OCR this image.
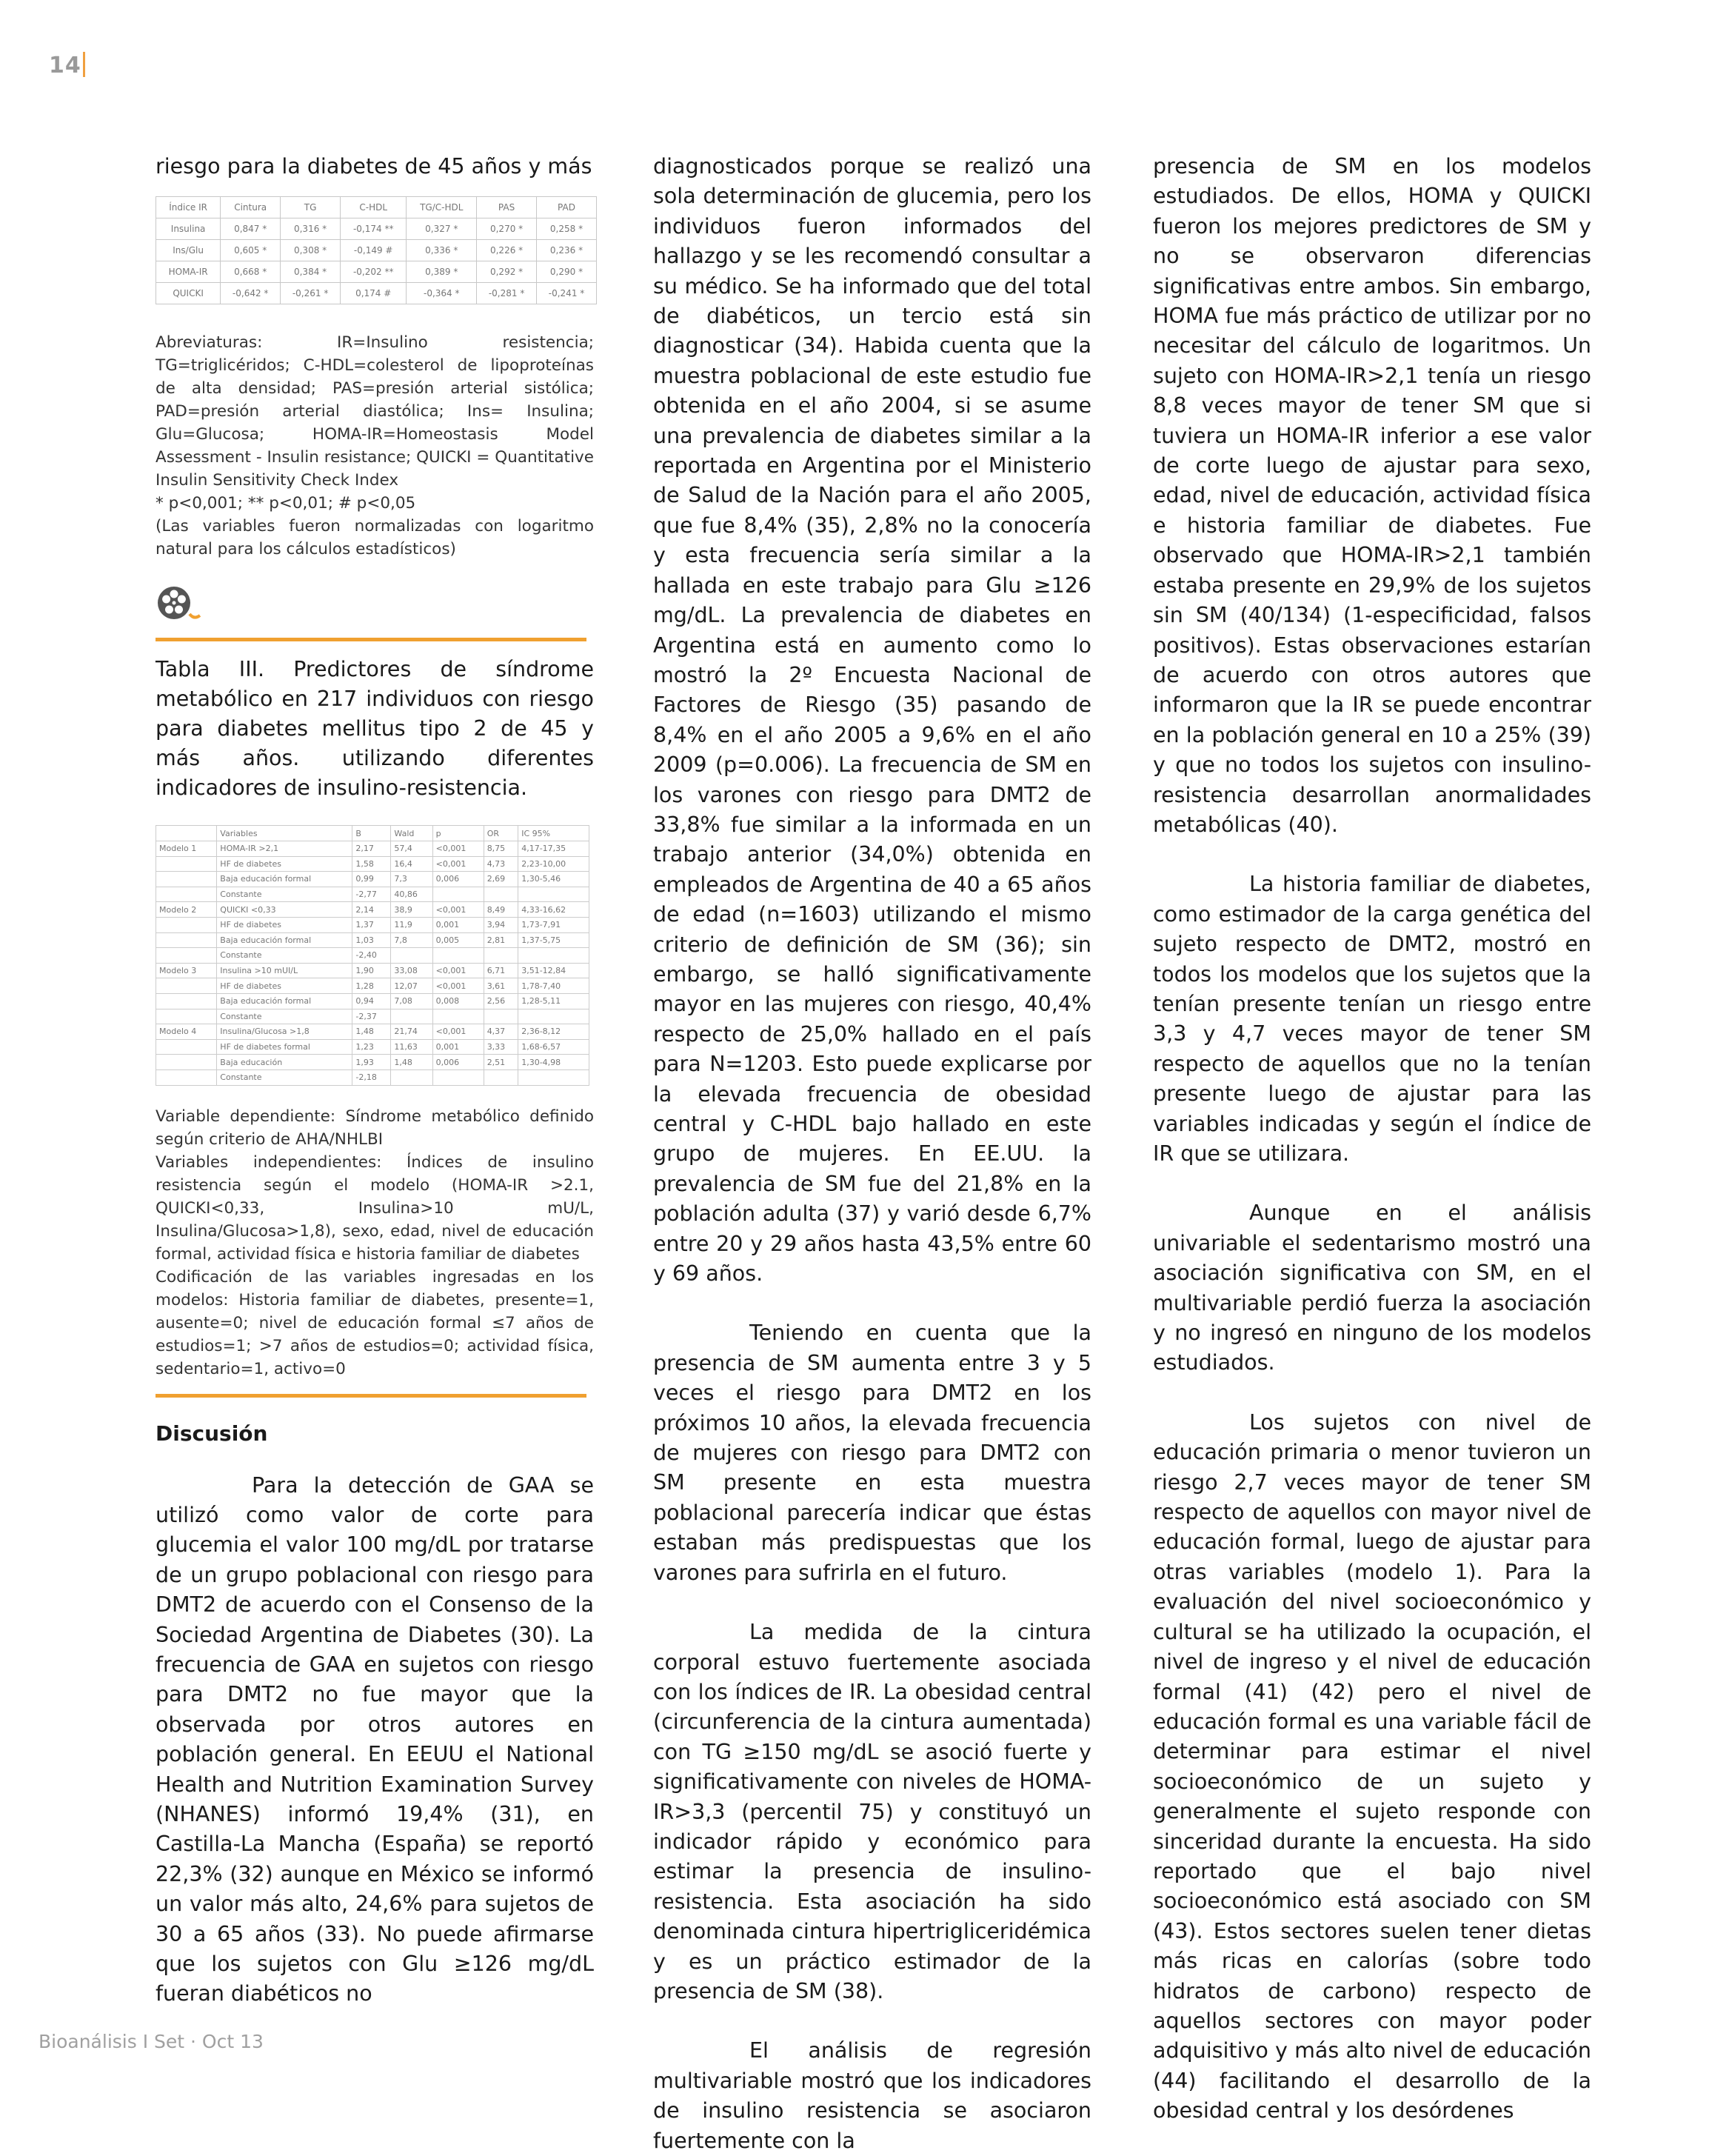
14

riesgo para la diabetes de 45 años y más

Índice IR	Cintura	TG	C-HDL	TG/C-HDL	PAS	PAD
Insulina	0,847 *	0,316 *	-0,174 **	0,327 *	0,270 *	0,258 *
Ins/Glu	0,605 *	0,308 *	-0,149 #	0,336 *	0,226 *	0,236 *
HOMA-IR	0,668 *	0,384 *	-0,202 **	0,389 *	0,292 *	0,290 *
QUICKI	-0,642 *	-0,261 *	0,174 #	-0,364 *	-0,281 *	-0,241 *

Abreviaturas: IR=Insulino resistencia; TG=triglicéridos; C-HDL=colesterol de lipoproteínas de alta densidad; PAS=presión arterial sistólica; PAD=presión arterial diastólica; Ins= Insulina; Glu=Glucosa; HOMA-IR=Homeostasis Model Assessment - Insulin resistance; QUICKI = Quantitative Insulin Sensitivity Check Index

* p<0,001; ** p<0,01; # p<0,05

(Las variables fueron normalizadas con logaritmo natural para los cálculos estadísticos)

Tabla III. Predictores de síndrome metabólico en 217 individuos con riesgo para diabetes mellitus tipo 2 de 45 y más años. utilizando diferentes indicadores de insulino-resistencia.

	Variables	B	Wald	p	OR	IC 95%
Modelo 1	HOMA-IR >2,1	2,17	57,4	<0,001	8,75	4,17-17,35
	HF de diabetes	1,58	16,4	<0,001	4,73	2,23-10,00
	Baja educación formal	0,99	7,3	0,006	2,69	1,30-5,46
	Constante	-2,77	40,86			
Modelo 2	QUICKI <0,33	2,14	38,9	<0,001	8,49	4,33-16,62
	HF de diabetes	1,37	11,9	0,001	3,94	1,73-7,91
	Baja educación formal	1,03	7,8	0,005	2,81	1,37-5,75
	Constante	-2,40				
Modelo 3	Insulina >10 mUI/L	1,90	33,08	<0,001	6,71	3,51-12,84
	HF de diabetes	1,28	12,07	<0,001	3,61	1,78-7,40
	Baja educación formal	0,94	7,08	0,008	2,56	1,28-5,11
	Constante	-2,37				
Modelo 4	Insulina/Glucosa >1,8	1,48	21,74	<0,001	4,37	2,36-8,12
	HF de diabetes formal	1,23	11,63	0,001	3,33	1,68-6,57
	Baja educación	1,93	1,48	0,006	2,51	1,30-4,98
	Constante	-2,18				

Variable dependiente: Síndrome metabólico definido según criterio de AHA/NHLBI

Variables independientes: Índices de insulino resistencia según el modelo (HOMA-IR >2.1, QUICKI<0,33, Insulina>10 mU/L, Insulina/Glucosa>1,8), sexo, edad, nivel de educación formal, actividad física e historia familiar de diabetes

Codificación de las variables ingresadas en los modelos: Historia familiar de diabetes, presente=1, ausente=0; nivel de educación formal ≤7 años de estudios=1; >7 años de estudios=0; actividad física, sedentario=1, activo=0

Discusión

Para la detección de GAA se utilizó como valor de corte para glucemia el valor 100 mg/dL por tratarse de un grupo poblacional con riesgo para DMT2 de acuerdo con el Consenso de la Sociedad Argentina de Diabetes (30). La frecuencia de GAA en sujetos con riesgo para DMT2 no fue mayor que la observada por otros autores en población general. En EEUU el National Health and Nutrition Examination Survey (NHANES) informó 19,4% (31), en Castilla-La Mancha (España) se reportó 22,3% (32) aunque en México se informó un valor más alto, 24,6% para sujetos de 30 a 65 años (33). No puede afirmarse que los sujetos con Glu ≥126 mg/dL fueran diabéticos no

diagnosticados porque se realizó una sola determinación de glucemia, pero los individuos fueron informados del hallazgo y se les recomendó consultar a su médico. Se ha informado que del total de diabéticos, un tercio está sin diagnosticar (34). Habida cuenta que la muestra poblacional de este estudio fue obtenida en el año 2004, si se asume una prevalencia de diabetes similar a la reportada en Argentina por el Ministerio de Salud de la Nación para el año 2005, que fue 8,4% (35), 2,8% no la conocería y esta frecuencia sería similar a la hallada en este trabajo para Glu ≥126 mg/dL. La prevalencia de diabetes en Argentina está en aumento como lo mostró la 2º Encuesta Nacional de Factores de Riesgo (35) pasando de 8,4% en el año 2005 a 9,6% en el año 2009 (p=0.006). La frecuencia de SM en los varones con riesgo para DMT2 de 33,8% fue similar a la informada en un trabajo anterior (34,0%) obtenida en empleados de Argentina de 40 a 65 años de edad (n=1603) utilizando el mismo criterio de definición de SM (36); sin embargo, se halló significativamente mayor en las mujeres con riesgo, 40,4% respecto de 25,0% hallado en el país para N=1203. Esto puede explicarse por la elevada frecuencia de obesidad central y C-HDL bajo hallado en este grupo de mujeres. En EE.UU. la prevalencia de SM fue del 21,8% en la población adulta (37) y varió desde 6,7% entre 20 y 29 años hasta 43,5% entre 60 y 69 años.

Teniendo en cuenta que la presencia de SM aumenta entre 3 y 5 veces el riesgo para DMT2 en los próximos 10 años, la elevada frecuencia de mujeres con riesgo para DMT2 con SM presente en esta muestra poblacional parecería indicar que éstas estaban más predispuestas que los varones para sufrirla en el futuro.

La medida de la cintura corporal estuvo fuertemente asociada con los índices de IR. La obesidad central (circunferencia de la cintura aumentada) con TG ≥150 mg/dL se asoció fuerte y significativamente con niveles de HOMA-IR>3,3 (percentil 75) y constituyó un indicador rápido y económico para estimar la presencia de insulino-resistencia. Esta asociación ha sido denominada cintura hipertrigliceridémica y es un práctico estimador de la presencia de SM (38).

El análisis de regresión multivariable mostró que los indicadores de insulino resistencia se asociaron fuertemente con la

presencia de SM en los modelos estudiados. De ellos, HOMA y QUICKI fueron los mejores predictores de SM y no se observaron diferencias significativas entre ambos. Sin embargo, HOMA fue más práctico de utilizar por no necesitar del cálculo de logaritmos. Un sujeto con HOMA-IR>2,1 tenía un riesgo 8,8 veces mayor de tener SM que si tuviera un HOMA-IR inferior a ese valor de corte luego de ajustar para sexo, edad, nivel de educación, actividad física e historia familiar de diabetes. Fue observado que HOMA-IR>2,1 también estaba presente en 29,9% de los sujetos sin SM (40/134) (1-especificidad, falsos positivos). Estas observaciones estarían de acuerdo con otros autores que informaron que la IR se puede encontrar en la población general en 10 a 25% (39) y que no todos los sujetos con insulino-resistencia desarrollan anormalidades metabólicas (40).

La historia familiar de diabetes, como estimador de la carga genética del sujeto respecto de DMT2, mostró en todos los modelos que los sujetos que la tenían presente tenían un riesgo entre 3,3 y 4,7 veces mayor de tener SM respecto de aquellos que no la tenían presente luego de ajustar para las variables indicadas y según el índice de IR que se utilizara.

Aunque en el análisis univariable el sedentarismo mostró una asociación significativa con SM, en el multivariable perdió fuerza la asociación y no ingresó en ninguno de los modelos estudiados.

Los sujetos con nivel de educación primaria o menor tuvieron un riesgo 2,7 veces mayor de tener SM respecto de aquellos con mayor nivel de educación formal, luego de ajustar para otras variables (modelo 1). Para la evaluación del nivel socioeconómico y cultural se ha utilizado la ocupación, el nivel de ingreso y el nivel de educación formal (41) (42) pero el nivel de educación formal es una variable fácil de determinar para estimar el nivel socioeconómico de un sujeto y generalmente el sujeto responde con sinceridad durante la encuesta. Ha sido reportado que el bajo nivel socioeconómico está asociado con SM (43). Estos sectores suelen tener dietas más ricas en calorías (sobre todo hidratos de carbono) respecto de aquellos sectores con mayor poder adquisitivo y más alto nivel de educación (44) facilitando el desarrollo de la obesidad central y los desórdenes

Bioanálisis I Set · Oct 13
